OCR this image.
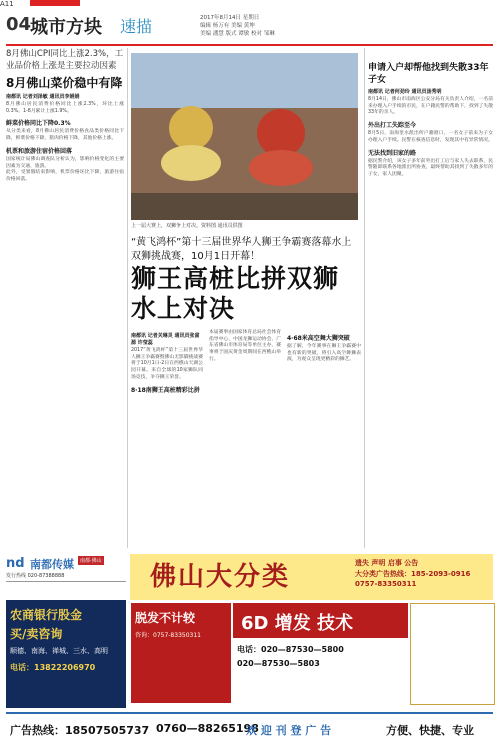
A11
04
城市方块 速描	2017年8月14日 星期日
编辑 杨万有 美编 黄坤
美编 潘慧 版式 谭敏 校对 邹琳
8月佛山CPI同比上涨2.3%，工业品价格上涨是主要拉动因素
8月佛山菜价稳中有降
南都讯 记者刘泽敏 通讯员李娟娟
8月佛山居民消费价格同比上涨2.3%，环比上涨0.3%。1-8月累计上涨1.9%。
鲜菜价格同比下降0.3%
从分类来看，8月佛山居民消费价格食品类价格同比下降，鲜菜价格下降，猪肉价格下降，其他价格上涨。
机票和旅游住宿价格回落
国家统计局佛山调查队分析认为，影响价格变化的主要因素为交通、旅游。
此外，受暑假结束影响，机票价格环比下降，旅游住宿价格回落。
上一届大赛上，双狮争上对决。资料图 通讯员供图
“黄飞鸿杯”第十三届世界华人狮王争霸赛落幕水上双狮挑战赛，10月1日开幕！
狮王高桩比拼双狮水上对决
南都讯 记者关琳灵 通讯员张富源 许莹蕊
2017“黄飞鸿杯”第十三届世界华人狮王争霸赛暨佛山无影脚挑战赛将于10月1日-2日在西樵山天湖公园开幕。来自全球的10家狮队同场竞技，争夺狮王荣誉。
8·18南狮王高桩精彩比拼
本届赛事由国家体育总局社会体育指导中心、中国龙狮运动协会、广东省佛山市体育局等单位主办，赛事将于国庆黄金周期间在西樵山举行。
4·68米高空舞大狮突破
据了解，今年赛事在狮王争霸赛中也有新的突破，将引入高空舞狮表演，为观众呈现更精彩的狮艺。
申请入户却帮他找到失散33年子女
南都讯 记者何劲玲 通讯员汤秀明
8月14日，佛山市南海区公安分局有关负责人介绍，一名前来办理入户手续的市民，在户籍民警的帮助下，找到了失散33年的亲人。
外出打工失踪至今
8月5日，南海里水派出所户籍窗口，一名女子前来为子女办理入户手续。民警在核查信息时，发现其中有异常情况。
无法找到旧家的路
据民警介绍，该女子多年前外出打工后与家人失去联系，民警随即联系各地派出所协查，最终帮助其找到了失散多年的子女，家人团聚。
nd 南都传媒	南都·佛山
发行热线 020-87388888	佛山大分类	遗失 声明 启事 公告
大分类广告热线：185-2093-0916
0757-83350311
农商银行股金
买/卖咨询
顺德、南海、禅城、三水、高明
电话：13822206970
脱发不计较
咨询：0757-83350311
6D 增发 技术
电话：020—87530—5800
020—87530—5803
广告热线：18507505737 0760—88265198
欢 迎 刊 登 广 告	方便、快捷、专业
